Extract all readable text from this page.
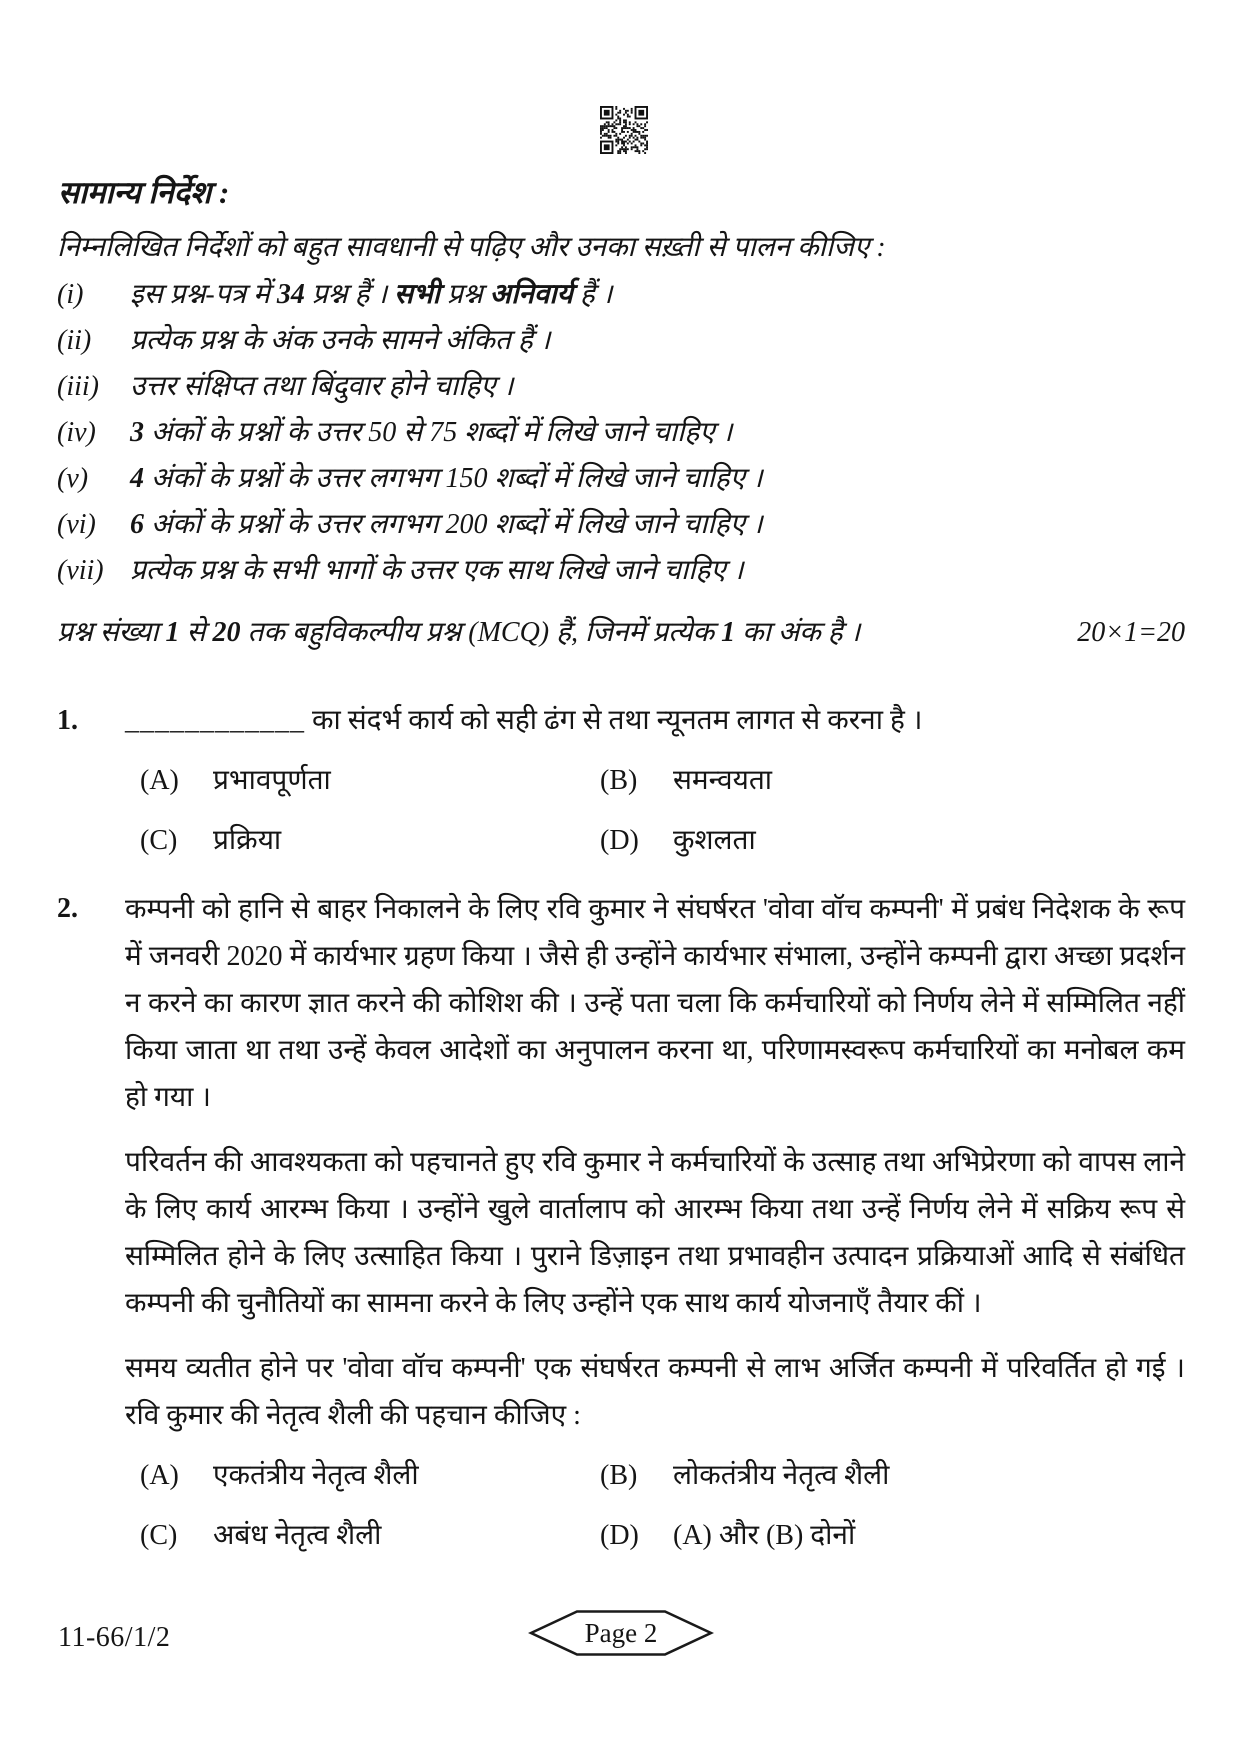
सामान्य निर्देश :
निम्नलिखित निर्देशों को बहुत सावधानी से पढ़िए और उनका सख़्ती से पालन कीजिए :
(i)	इस प्रश्न-पत्र में 34 प्रश्न हैं । सभी प्रश्न अनिवार्य हैं ।
(ii)	प्रत्येक प्रश्न के अंक उनके सामने अंकित हैं ।
(iii)	उत्तर संक्षिप्त तथा बिंदुवार होने चाहिए ।
(iv)	3 अंकों के प्रश्नों के उत्तर 50 से 75 शब्दों में लिखे जाने चाहिए ।
(v)	4 अंकों के प्रश्नों के उत्तर लगभग 150 शब्दों में लिखे जाने चाहिए ।
(vi)	6 अंकों के प्रश्नों के उत्तर लगभग 200 शब्दों में लिखे जाने चाहिए ।
(vii) प्रत्येक प्रश्न के सभी भागों के उत्तर एक साथ लिखे जाने चाहिए ।
प्रश्न संख्या 1 से 20 तक बहुविकल्पीय प्रश्न (MCQ) हैं, जिनमें प्रत्येक 1 का अंक है ।	20×1=20
1.	____________ का संदर्भ कार्य को सही ढंग से तथा न्यूनतम लागत से करना है ।
(A)	प्रभावपूर्णता	(B)	समन्वयता
(C)	प्रक्रिया	(D)	कुशलता
2.	कम्पनी को हानि से बाहर निकालने के लिए रवि कुमार ने संघर्षरत 'वोवा वॉच कम्पनी' में प्रबंध निदेशक के रूप में जनवरी 2020 में कार्यभार ग्रहण किया । जैसे ही उन्होंने कार्यभार संभाला, उन्होंने कम्पनी द्वारा अच्छा प्रदर्शन न करने का कारण ज्ञात करने की कोशिश की । उन्हें पता चला कि कर्मचारियों को निर्णय लेने में सम्मिलित नहीं किया जाता था तथा उन्हें केवल आदेशों का अनुपालन करना था, परिणामस्वरूप कर्मचारियों का मनोबल कम हो गया ।

परिवर्तन की आवश्यकता को पहचानते हुए रवि कुमार ने कर्मचारियों के उत्साह तथा अभिप्रेरणा को वापस लाने के लिए कार्य आरम्भ किया । उन्होंने खुले वार्तालाप को आरम्भ किया तथा उन्हें निर्णय लेने में सक्रिय रूप से सम्मिलित होने के लिए उत्साहित किया । पुराने डिज़ाइन तथा प्रभावहीन उत्पादन प्रक्रियाओं आदि से संबंधित कम्पनी की चुनौतियों का सामना करने के लिए उन्होंने एक साथ कार्य योजनाएँ तैयार कीं ।

समय व्यतीत होने पर 'वोवा वॉच कम्पनी' एक संघर्षरत कम्पनी से लाभ अर्जित कम्पनी में परिवर्तित हो गई । रवि कुमार की नेतृत्व शैली की पहचान कीजिए :

(A)	एकतंत्रीय नेतृत्व शैली	(B)	लोकतंत्रीय नेतृत्व शैली
(C)	अबंध नेतृत्व शैली	(D)	(A) और (B) दोनों
11-66/1/2	Page 2
